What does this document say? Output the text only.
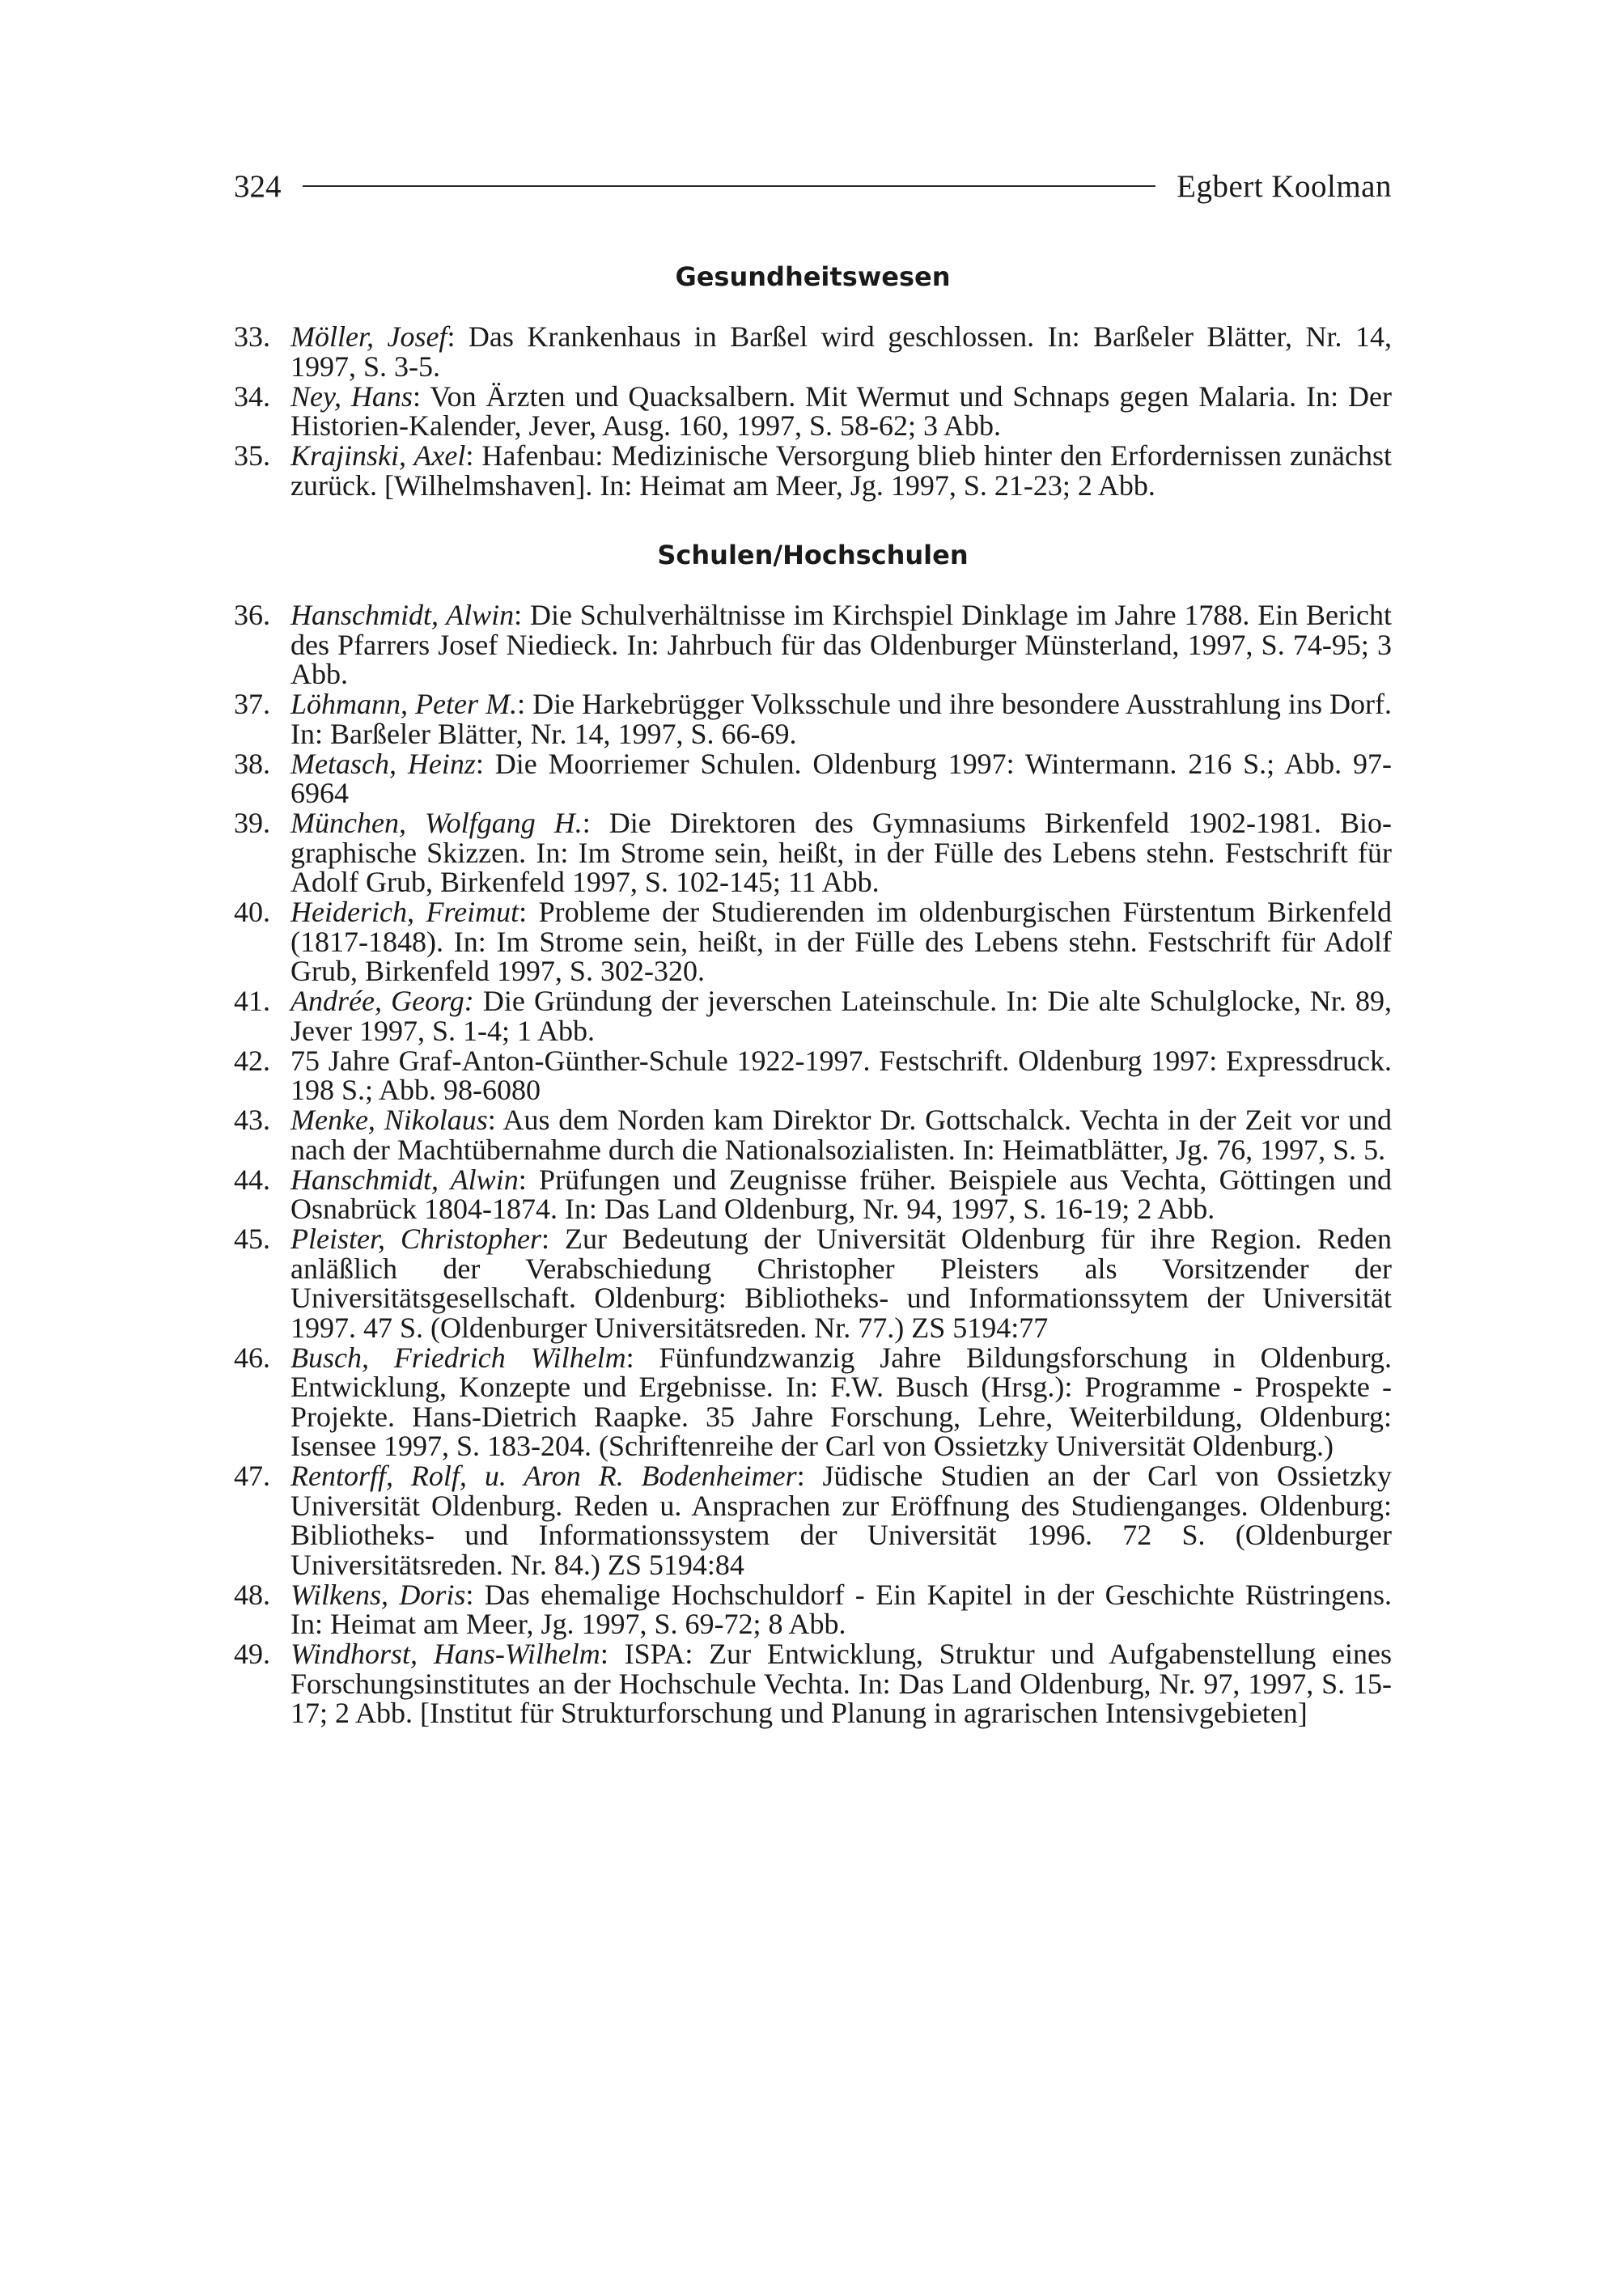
324	Egbert Koolman
Gesundheitswesen
33. Möller, Josef: Das Krankenhaus in Barßel wird geschlossen. In: Barßeler Blätter, Nr. 14, 1997, S. 3-5.
34. Ney, Hans: Von Ärzten und Quacksalbern. Mit Wermut und Schnaps gegen Malaria. In: Der Historien-Kalender, Jever, Ausg. 160, 1997, S. 58-62; 3 Abb.
35. Krajinski, Axel: Hafenbau: Medizinische Versorgung blieb hinter den Erfordernissen zunächst zurück. [Wilhelmshaven]. In: Heimat am Meer, Jg. 1997, S. 21-23; 2 Abb.
Schulen/Hochschulen
36. Hanschmidt, Alwin: Die Schulverhältnisse im Kirchspiel Dinklage im Jahre 1788. Ein Bericht des Pfarrers Josef Niedieck. In: Jahrbuch für das Oldenburger Münsterland, 1997, S. 74-95; 3 Abb.
37. Löhmann, Peter M.: Die Harkebrügger Volksschule und ihre besondere Ausstrahlung ins Dorf. In: Barßeler Blätter, Nr. 14, 1997, S. 66-69.
38. Metasch, Heinz: Die Moorriemer Schulen. Oldenburg 1997: Wintermann. 216 S.; Abb. 97-6964
39. München, Wolfgang H.: Die Direktoren des Gymnasiums Birkenfeld 1902-1981. Biographische Skizzen. In: Im Strome sein, heißt, in der Fülle des Lebens stehn. Festschrift für Adolf Grub, Birkenfeld 1997, S. 102-145; 11 Abb.
40. Heiderich, Freimut: Probleme der Studierenden im oldenburgischen Fürstentum Birkenfeld (1817-1848). In: Im Strome sein, heißt, in der Fülle des Lebens stehn. Festschrift für Adolf Grub, Birkenfeld 1997, S. 302-320.
41. Andrée, Georg: Die Gründung der jeverschen Lateinschule. In: Die alte Schulglocke, Nr. 89, Jever 1997, S. 1-4; 1 Abb.
42. 75 Jahre Graf-Anton-Günther-Schule 1922-1997. Festschrift. Oldenburg 1997: Expressdruck. 198 S.; Abb. 98-6080
43. Menke, Nikolaus: Aus dem Norden kam Direktor Dr. Gottschalck. Vechta in der Zeit vor und nach der Machtübernahme durch die Nationalsozialisten. In: Heimatblätter, Jg. 76, 1997, S. 5.
44. Hanschmidt, Alwin: Prüfungen und Zeugnisse früher. Beispiele aus Vechta, Göttingen und Osnabrück 1804-1874. In: Das Land Oldenburg, Nr. 94, 1997, S. 16-19; 2 Abb.
45. Pleister, Christopher: Zur Bedeutung der Universität Oldenburg für ihre Region. Reden anläßlich der Verabschiedung Christopher Pleisters als Vorsitzender der Universitätsgesellschaft. Oldenburg: Bibliotheks- und Informationssytem der Universität 1997. 47 S. (Oldenburger Universitätsreden. Nr. 77.) ZS 5194:77
46. Busch, Friedrich Wilhelm: Fünfundzwanzig Jahre Bildungsforschung in Oldenburg. Entwicklung, Konzepte und Ergebnisse. In: F.W. Busch (Hrsg.): Programme - Prospekte - Projekte. Hans-Dietrich Raapke. 35 Jahre Forschung, Lehre, Weiterbildung, Oldenburg: Isensee 1997, S. 183-204. (Schriftenreihe der Carl von Ossietzky Universität Oldenburg.)
47. Rentorff, Rolf, u. Aron R. Bodenheimer: Jüdische Studien an der Carl von Ossietzky Universität Oldenburg. Reden u. Ansprachen zur Eröffnung des Studienganges. Oldenburg: Bibliotheks- und Informationssystem der Universität 1996. 72 S. (Oldenburger Universitätsreden. Nr. 84.) ZS 5194:84
48. Wilkens, Doris: Das ehemalige Hochschuldorf - Ein Kapitel in der Geschichte Rüstringens. In: Heimat am Meer, Jg. 1997, S. 69-72; 8 Abb.
49. Windhorst, Hans-Wilhelm: ISPA: Zur Entwicklung, Struktur und Aufgabenstellung eines Forschungsinstitutes an der Hochschule Vechta. In: Das Land Oldenburg, Nr. 97, 1997, S. 15-17; 2 Abb. [Institut für Strukturforschung und Planung in agrarischen Intensivgebieten]
